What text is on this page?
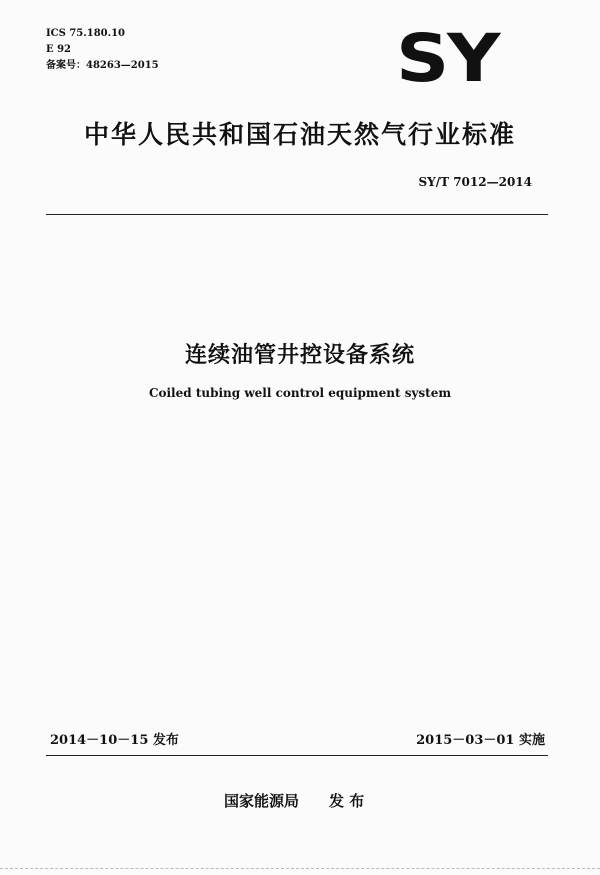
ICS 75.180.10
E 92
备案号：48263—2015	SY
中华人民共和国石油天然气行业标准
SY/T 7012—2014
连续油管井控设备系统
Coiled tubing well control equipment system
2014－10－15 发布	2015－03－01 实施
国家能源局 发 布
